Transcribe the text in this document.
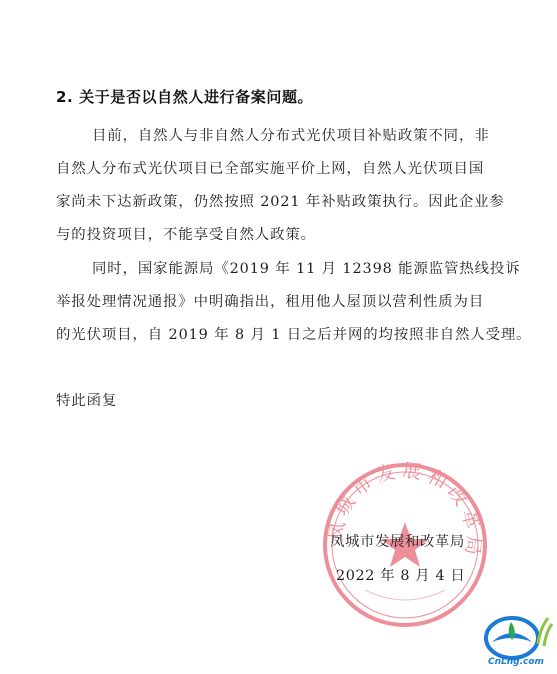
2. 关于是否以自然人进行备案问题。
目前，自然人与非自然人分布式光伏项目补贴政策不同，非
自然人分布式光伏项目已全部实施平价上网，自然人光伏项目国
家尚未下达新政策，仍然按照 2021 年补贴政策执行。因此企业参
与的投资项目，不能享受自然人政策。
同时，国家能源局《2019 年 11 月 12398 能源监管热线投诉
举报处理情况通报》中明确指出，租用他人屋顶以营利性质为目
的光伏项目，自 2019 年 8 月 1 日之后并网的均按照非自然人受理。
特此函复
凤城市发展和改革局
凤城市发展和改革局
2022 年 8 月 4 日
CnLng.com
